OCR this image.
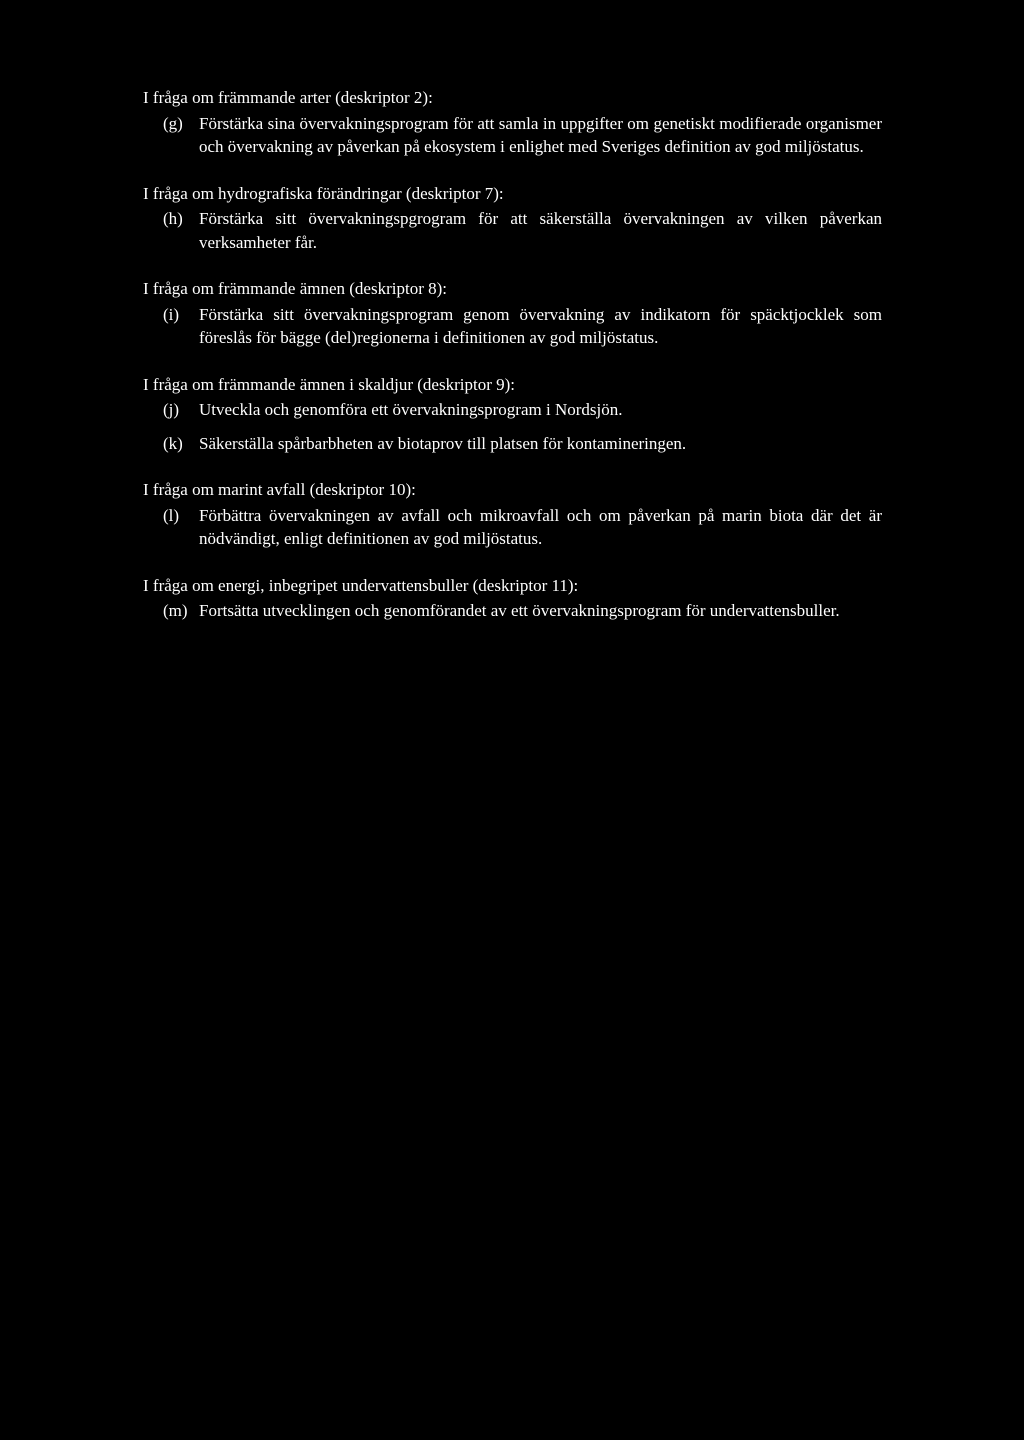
I fråga om främmande arter (deskriptor 2):
(g) Förstärka sina övervakningsprogram för att samla in uppgifter om genetiskt modifierade organismer och övervakning av påverkan på ekosystem i enlighet med Sveriges definition av god miljöstatus.
I fråga om hydrografiska förändringar (deskriptor 7):
(h) Förstärka sitt övervakningspgrogram för att säkerställa övervakningen av vilken påverkan verksamheter får.
I fråga om främmande ämnen (deskriptor 8):
(i)	Förstärka sitt övervakningsprogram genom övervakning av indikatorn för späcktjocklek som föreslås för bägge (del)regionerna i definitionen av god miljöstatus.
I fråga om främmande ämnen i skaldjur (deskriptor 9):
(j)	Utveckla och genomföra ett övervakningsprogram i Nordsjön.
(k) Säkerställa spårbarbheten av biotaprov till platsen för kontamineringen.
I fråga om marint avfall (deskriptor 10):
(l)	Förbättra övervakningen av avfall och mikroavfall och om påverkan på marin biota där det är nödvändigt, enligt definitionen av god miljöstatus.
I fråga om energi, inbegripet undervattensbuller (deskriptor 11):
(m) Fortsätta utvecklingen och genomförandet av ett övervakningsprogram för undervattensbuller.
